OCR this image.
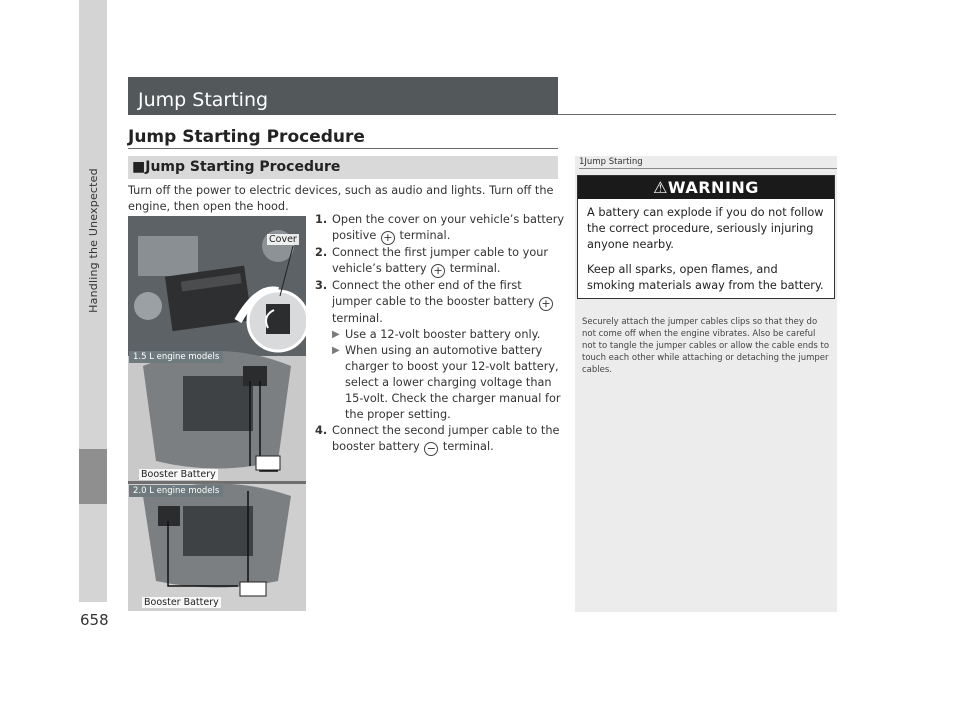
Handling the Unexpected
658
Jump Starting
Jump Starting Procedure
■Jump Starting Procedure
Turn off the power to electric devices, such as audio and lights. Turn off the engine, then open the hood.
Cover
1.5 L engine models
Booster Battery
2.0 L engine models
Booster Battery
1. Open the cover on your vehicle’s battery positive + terminal.
2. Connect the first jumper cable to your vehicle’s battery + terminal.
3. Connect the other end of the first jumper cable to the booster battery + terminal.
▶ Use a 12-volt booster battery only.
▶ When using an automotive battery charger to boost your 12-volt battery, select a lower charging voltage than 15-volt. Check the charger manual for the proper setting.
4. Connect the second jumper cable to the booster battery − terminal.
1Jump Starting
⚠WARNING

A battery can explode if you do not follow the correct procedure, seriously injuring anyone nearby.

Keep all sparks, open flames, and smoking materials away from the battery.

Securely attach the jumper cables clips so that they do not come off when the engine vibrates. Also be careful not to tangle the jumper cables or allow the cable ends to touch each other while attaching or detaching the jumper cables.
